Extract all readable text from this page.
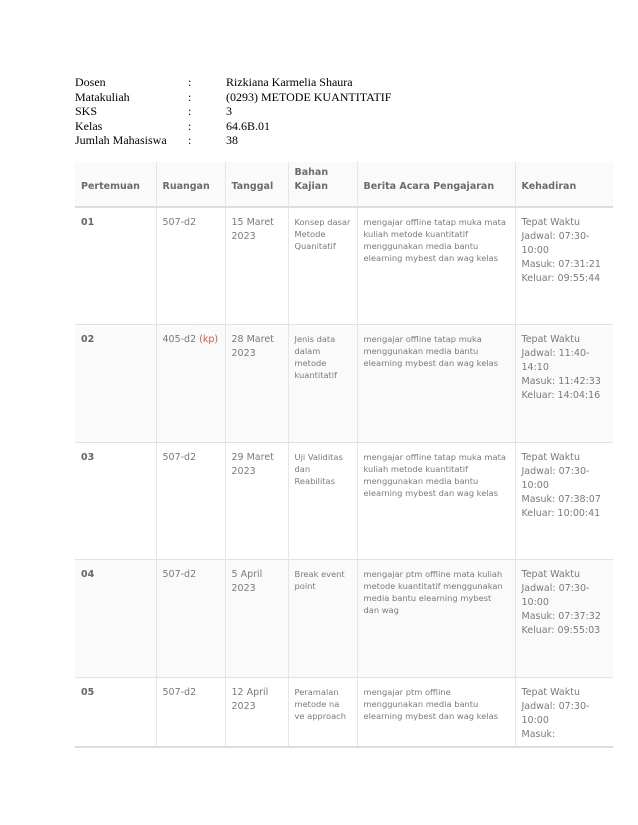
Dosen	:	Rizkiana Karmelia Shaura
Matakuliah	:	(0293) METODE KUANTITATIF
SKS	:	3
Kelas	:	64.6B.01
Jumlah Mahasiswa :	38
Pertemuan	Ruangan	Tanggal	Bahan Kajian	Berita Acara Pengajaran	Kehadiran
01	507-d2	15 Maret 2023	Konsep dasar Metode Quanitatif	mengajar offline tatap muka mata kuliah metode kuantitatif menggunakan media bantu elearning mybest dan wag kelas	Tepat Waktu
Jadwal: 07:30-10:00
Masuk: 07:31:21
Keluar: 09:55:44

02	405-d2 (kp)	28 Maret 2023	Jenis data dalam metode kuantitatif	mengajar offline tatap muka menggunakan media bantu elearning mybest dan wag kelas	Tepat Waktu
Jadwal: 11:40-14:10
Masuk: 11:42:33
Keluar: 14:04:16

03	507-d2	29 Maret 2023	Uji Validitas dan Reabilitas	mengajar offline tatap muka mata kuliah metode kuantitatif menggunakan media bantu elearning mybest dan wag kelas	Tepat Waktu
Jadwal: 07:30-10:00
Masuk: 07:38:07
Keluar: 10:00:41

04	507-d2	5 April 2023	Break event point	mengajar ptm offline mata kuliah metode kuantitatif menggunakan media bantu elearning mybest dan wag	Tepat Waktu
Jadwal: 07:30-10:00
Masuk: 07:37:32
Keluar: 09:55:03

05	507-d2	12 April 2023	Peramalan metode na ve approach	mengajar ptm offline menggunakan media bantu elearning mybest dan wag kelas	Tepat Waktu
Jadwal: 07:30-10:00
Masuk:
